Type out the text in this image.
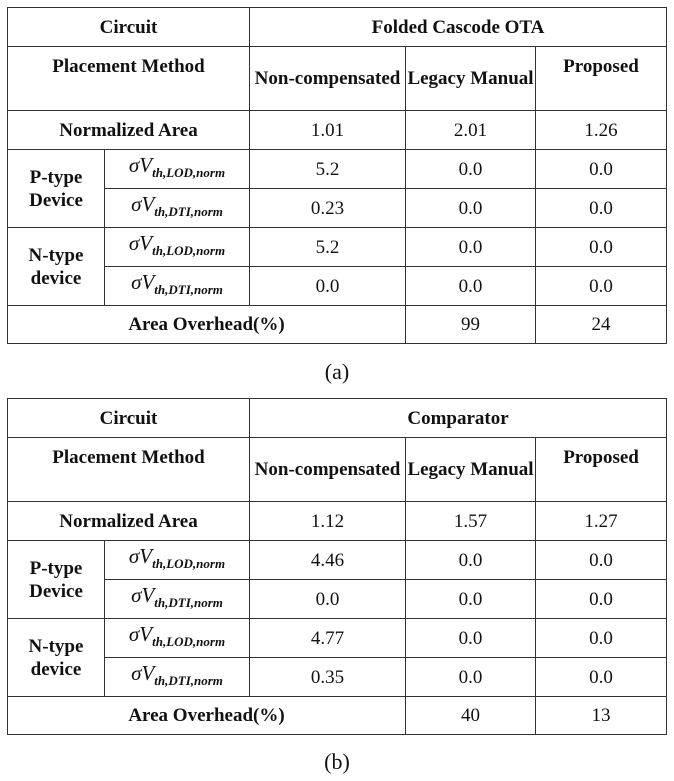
Circuit		Folded Cascode OTA		
Placement Method		Non-compensated	Legacy Manual	Proposed
Normalized Area		1.01	2.01	1.26
P-type Device	$\sigma V_{th,LOD,norm}$	5.2	0.0	0.0
	$\sigma V_{th,DTI,norm}$	0.23	0.0	0.0
N-type device	$\sigma V_{th,LOD,norm}$	5.2	0.0	0.0
	$\sigma V_{th,DTI,norm}$	0.0	0.0	0.0
Area Overhead(%)			99	24
(a)
Circuit		Comparator		
Placement Method		Non-compensated	Legacy Manual	Proposed
Normalized Area		1.12	1.57	1.27
P-type Device	$\sigma V_{th,LOD,norm}$	4.46	0.0	0.0
	$\sigma V_{th,DTI,norm}$	0.0	0.0	0.0
N-type device	$\sigma V_{th,LOD,norm}$	4.77	0.0	0.0
	$\sigma V_{th,DTI,norm}$	0.35	0.0	0.0
Area Overhead(%)			40	13
(b)
